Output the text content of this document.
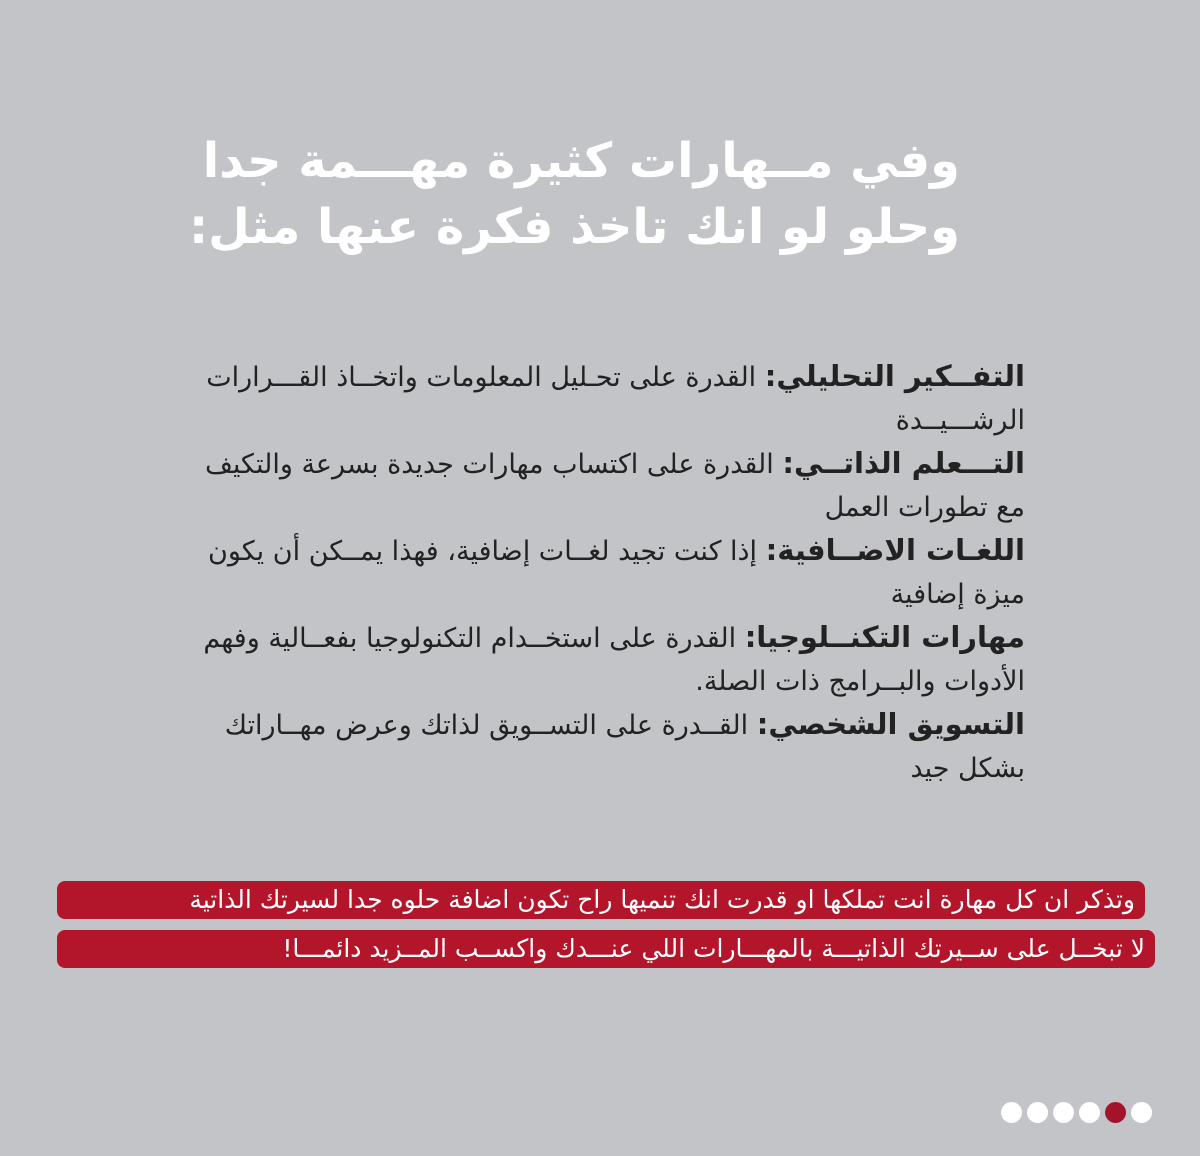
وفي مــهارات كثيرة مهـــمة جدا
وحلو لو انك تاخذ فكرة عنها مثل:
التفــكير التحليلي: القدرة على تحـليل المعلومات واتخــاذ القـــرارات الرشـــيــدة
التـــعلم الذاتــي: القدرة على اكتساب مهارات جديدة بسرعة والتكيف مع تطورات العمل
اللغـات الاضــافية: إذا كنت تجيد لغــات إضافية، فهذا يمــكن أن يكون ميزة إضافية
مهارات التكنــلوجيا: القدرة على استخــدام التكنولوجيا بفعــالية وفهم الأدوات والبــرامج ذات الصلة.
التسويق الشخصي: القــدرة على التســويق لذاتك وعرض مهــاراتك بشكل جيد
وتذكر ان كل مهارة انت تملكها او قدرت انك تنميها راح تكون اضافة حلوه جدا لسيرتك الذاتية
لا تبخــل على ســيرتك الذاتيـــة بالمهـــارات اللي عنـــدك واكســب المــزيد دائمـــا!
